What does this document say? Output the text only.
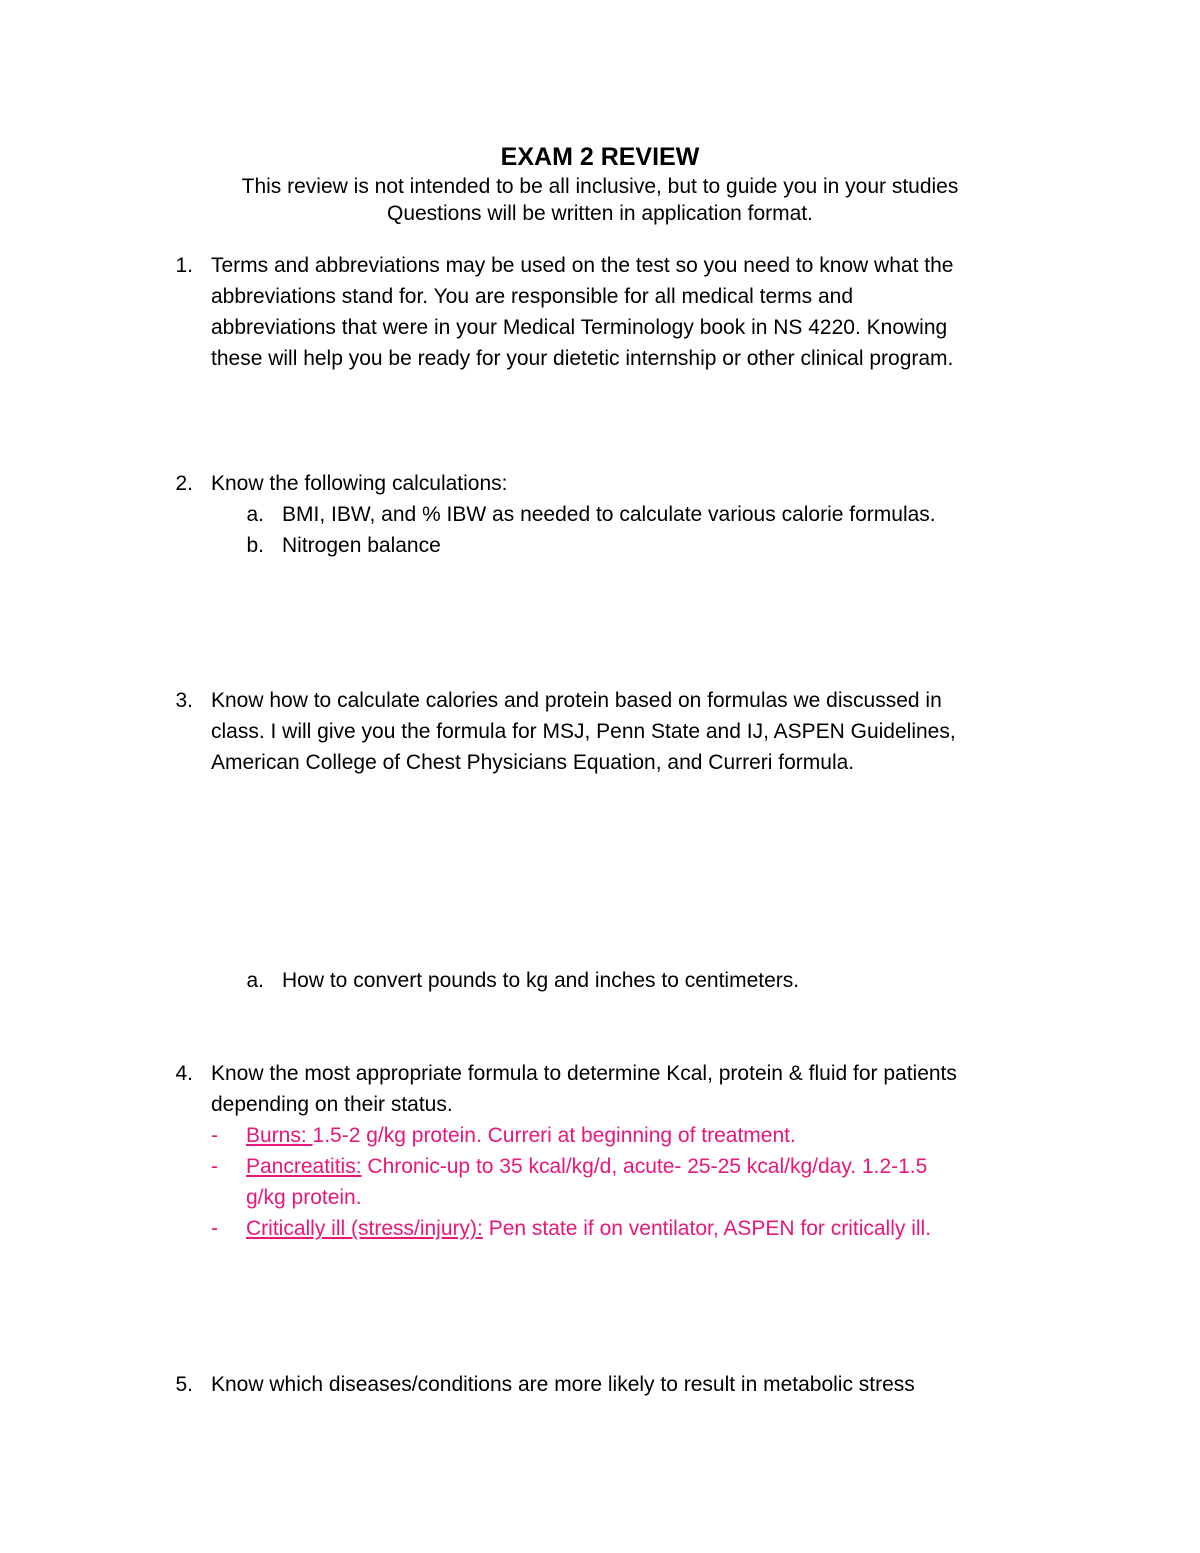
EXAM 2 REVIEW
This review is not intended to be all inclusive, but to guide you in your studies
Questions will be written in application format.
1. Terms and abbreviations may be used on the test so you need to know what the
abbreviations stand for. You are responsible for all medical terms and
abbreviations that were in your Medical Terminology book in NS 4220. Knowing
these will help you be ready for your dietetic internship or other clinical program.
2. Know the following calculations:
a. BMI, IBW, and % IBW as needed to calculate various calorie formulas.
b. Nitrogen balance
3. Know how to calculate calories and protein based on formulas we discussed in
class. I will give you the formula for MSJ, Penn State and IJ, ASPEN Guidelines,
American College of Chest Physicians Equation, and Curreri formula.
a. How to convert pounds to kg and inches to centimeters.
4. Know the most appropriate formula to determine Kcal, protein & fluid for patients
depending on their status.
- Burns: 1.5-2 g/kg protein. Curreri at beginning of treatment.
- Pancreatitis: Chronic-up to 35 kcal/kg/d, acute- 25-25 kcal/kg/day. 1.2-1.5
g/kg protein.
- Critically ill (stress/injury): Pen state if on ventilator, ASPEN for critically ill.
5. Know which diseases/conditions are more likely to result in metabolic stress
